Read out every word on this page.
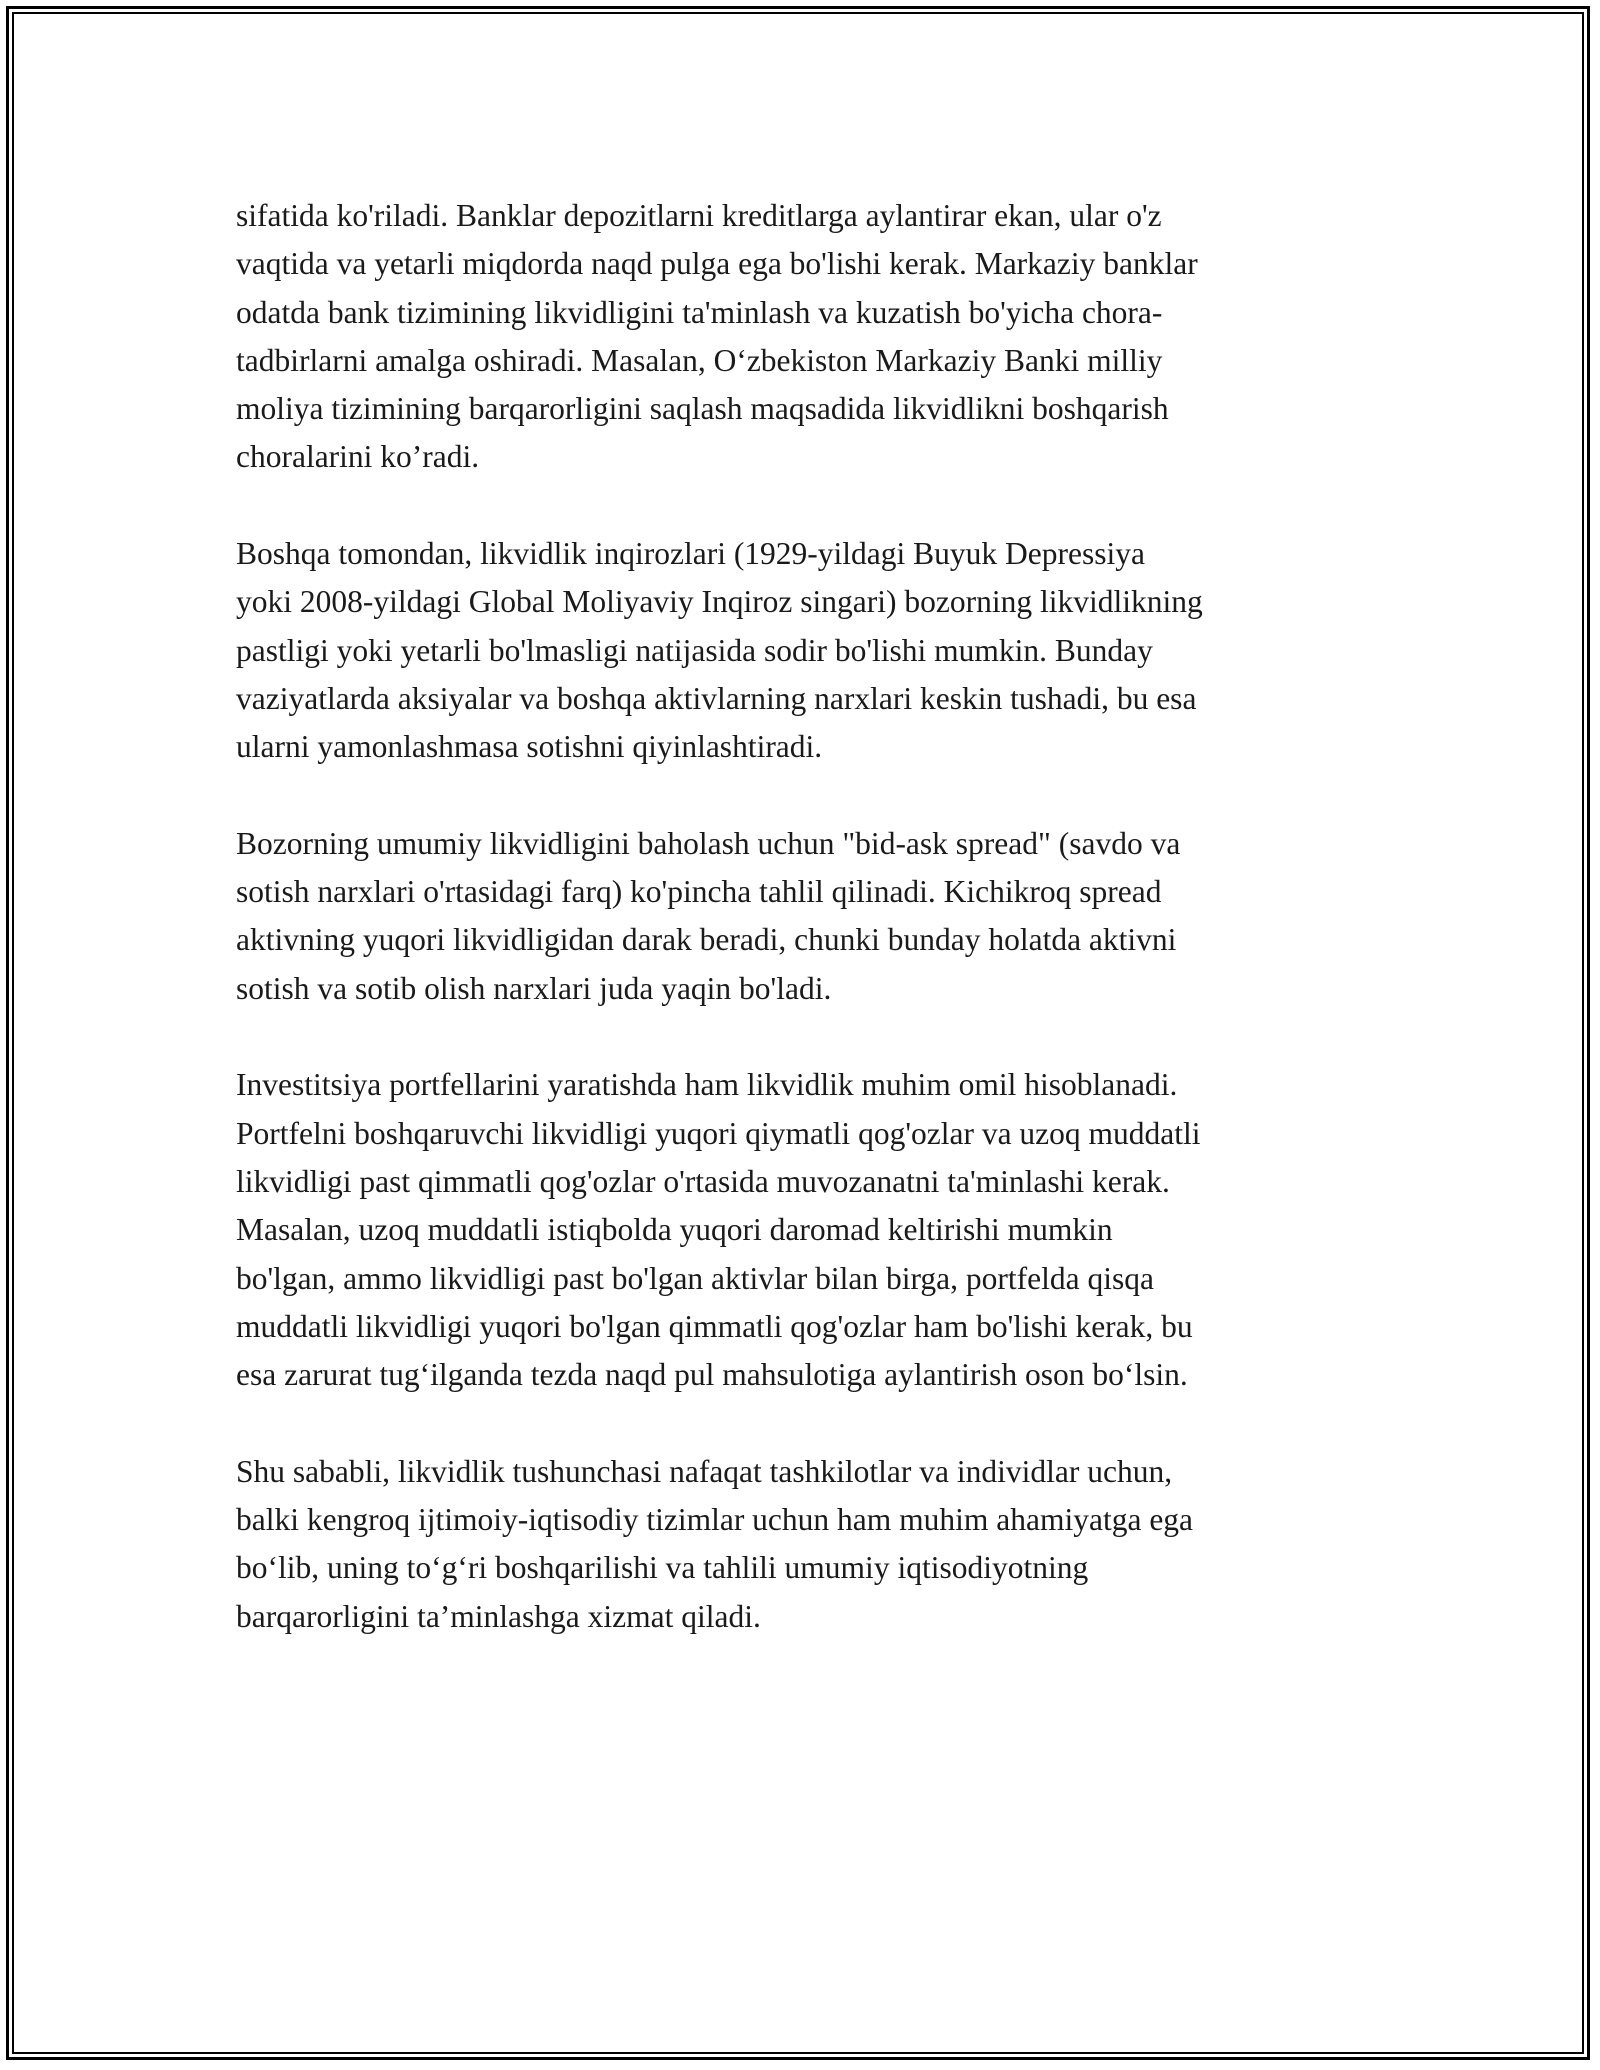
sifatida ko'riladi. Banklar depozitlarni kreditlarga aylantirar ekan, ular o'z
vaqtida va yetarli miqdorda naqd pulga ega bo'lishi kerak. Markaziy banklar
odatda bank tizimining likvidligini ta'minlash va kuzatish bo'yicha chora-
tadbirlarni amalga oshiradi. Masalan, O‘zbekiston Markaziy Banki milliy
moliya tizimining barqarorligini saqlash maqsadida likvidlikni boshqarish
choralarini ko’radi.

Boshqa tomondan, likvidlik inqirozlari (1929-yildagi Buyuk Depressiya
yoki 2008-yildagi Global Moliyaviy Inqiroz singari) bozorning likvidlikning
pastligi yoki yetarli bo'lmasligi natijasida sodir bo'lishi mumkin. Bunday
vaziyatlarda aksiyalar va boshqa aktivlarning narxlari keskin tushadi, bu esa
ularni yamonlashmasa sotishni qiyinlashtiradi.

Bozorning umumiy likvidligini baholash uchun "bid-ask spread" (savdo va
sotish narxlari o'rtasidagi farq) ko'pincha tahlil qilinadi. Kichikroq spread
aktivning yuqori likvidligidan darak beradi, chunki bunday holatda aktivni
sotish va sotib olish narxlari juda yaqin bo'ladi.

Investitsiya portfellarini yaratishda ham likvidlik muhim omil hisoblanadi.
Portfelni boshqaruvchi likvidligi yuqori qiymatli qog'ozlar va uzoq muddatli
likvidligi past qimmatli qog'ozlar o'rtasida muvozanatni ta'minlashi kerak.
Masalan, uzoq muddatli istiqbolda yuqori daromad keltirishi mumkin
bo'lgan, ammo likvidligi past bo'lgan aktivlar bilan birga, portfelda qisqa
muddatli likvidligi yuqori bo'lgan qimmatli qog'ozlar ham bo'lishi kerak, bu
esa zarurat tug‘ilganda tezda naqd pul mahsulotiga aylantirish oson bo‘lsin.

Shu sababli, likvidlik tushunchasi nafaqat tashkilotlar va individlar uchun,
balki kengroq ijtimoiy-iqtisodiy tizimlar uchun ham muhim ahamiyatga ega
bo‘lib, uning to‘g‘ri boshqarilishi va tahlili umumiy iqtisodiyotning
barqarorligini ta’minlashga xizmat qiladi.
